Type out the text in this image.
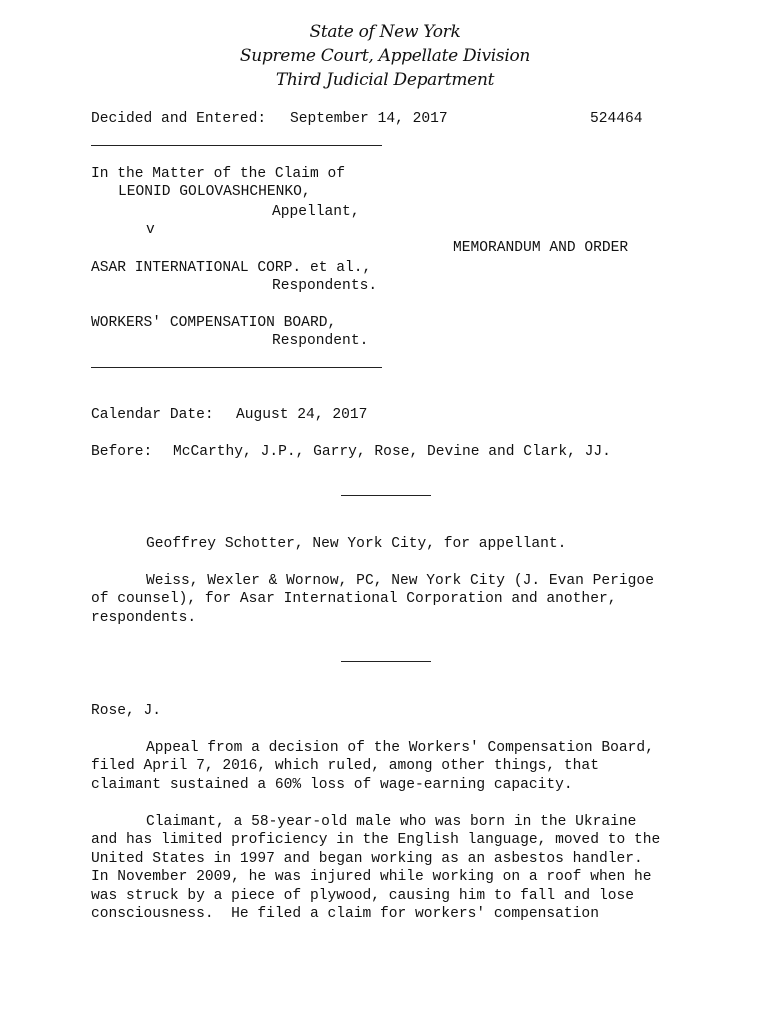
State of New York
Supreme Court, Appellate Division
Third Judicial Department
Decided and Entered: September 14, 2017	524464
In the Matter of the Claim of
LEONID GOLOVASHCHENKO,
Appellant,
v
MEMORANDUM AND ORDER
ASAR INTERNATIONAL CORP. et al.,
Respondents.
WORKERS' COMPENSATION BOARD,
Respondent.
Calendar Date: August 24, 2017
Before: McCarthy, J.P., Garry, Rose, Devine and Clark, JJ.
Geoffrey Schotter, New York City, for appellant.
Weiss, Wexler & Wornow, PC, New York City (J. Evan Perigoe
of counsel), for Asar International Corporation and another,
respondents.
Rose, J.
Appeal from a decision of the Workers' Compensation Board,
filed April 7, 2016, which ruled, among other things, that
claimant sustained a 60% loss of wage-earning capacity.
Claimant, a 58-year-old male who was born in the Ukraine
and has limited proficiency in the English language, moved to the
United States in 1997 and began working as an asbestos handler.
In November 2009, he was injured while working on a roof when he
was struck by a piece of plywood, causing him to fall and lose
consciousness.  He filed a claim for workers' compensation
